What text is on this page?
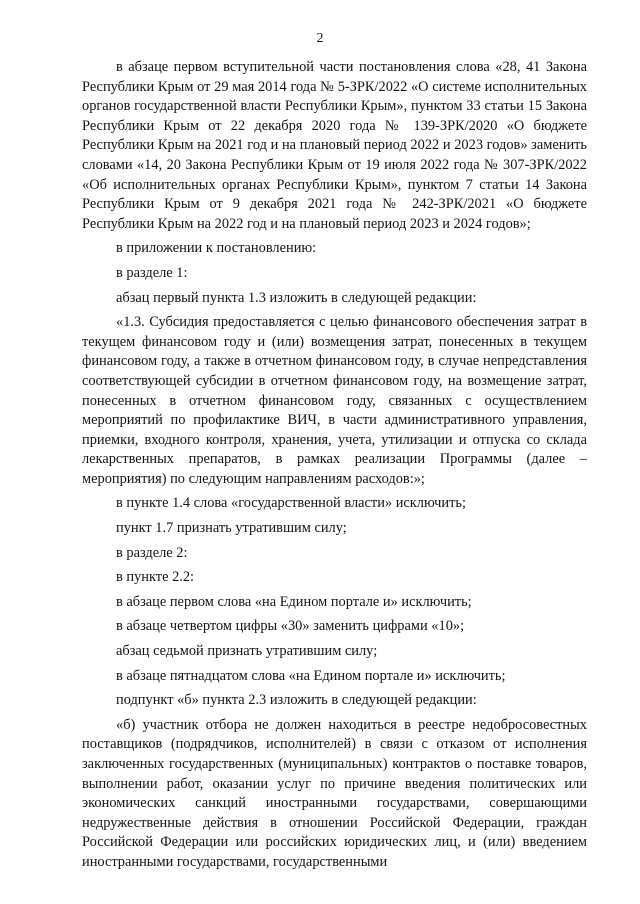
2

в абзаце первом вступительной части постановления слова «28, 41 Закона Республики Крым от 29 мая 2014 года № 5-ЗРК/2022 «О системе исполнительных органов государственной власти Республики Крым», пунктом 33 статьи 15 Закона Республики Крым от 22 декабря 2020 года № 139-ЗРК/2020 «О бюджете Республики Крым на 2021 год и на плановый период 2022 и 2023 годов» заменить словами «14, 20 Закона Республики Крым от 19 июля 2022 года № 307-ЗРК/2022 «Об исполнительных органах Республики Крым», пунктом 7 статьи 14 Закона Республики Крым от 9 декабря 2021 года № 242-ЗРК/2021 «О бюджете Республики Крым на 2022 год и на плановый период 2023 и 2024 годов»;

в приложении к постановлению:

в разделе 1:

абзац первый пункта 1.3 изложить в следующей редакции:

«1.3. Субсидия предоставляется с целью финансового обеспечения затрат в текущем финансовом году и (или) возмещения затрат, понесенных в текущем финансовом году, а также в отчетном финансовом году, в случае непредставления соответствующей субсидии в отчетном финансовом году, на возмещение затрат, понесенных в отчетном финансовом году, связанных с осуществлением мероприятий по профилактике ВИЧ, в части административного управления, приемки, входного контроля, хранения, учета, утилизации и отпуска со склада лекарственных препаратов, в рамках реализации Программы (далее – мероприятия) по следующим направлениям расходов:»;

в пункте 1.4 слова «государственной власти» исключить;

пункт 1.7 признать утратившим силу;

в разделе 2:

в пункте 2.2:

в абзаце первом слова «на Едином портале и» исключить;

в абзаце четвертом цифры «30» заменить цифрами «10»;

абзац седьмой признать утратившим силу;

в абзаце пятнадцатом слова «на Едином портале и» исключить;

подпункт «б» пункта 2.3 изложить в следующей редакции:

«б) участник отбора не должен находиться в реестре недобросовестных поставщиков (подрядчиков, исполнителей) в связи с отказом от исполнения заключенных государственных (муниципальных) контрактов о поставке товаров, выполнении работ, оказании услуг по причине введения политических или экономических санкций иностранными государствами, совершающими недружественные действия в отношении Российской Федерации, граждан Российской Федерации или российских юридических лиц, и (или) введением иностранными государствами, государственными
